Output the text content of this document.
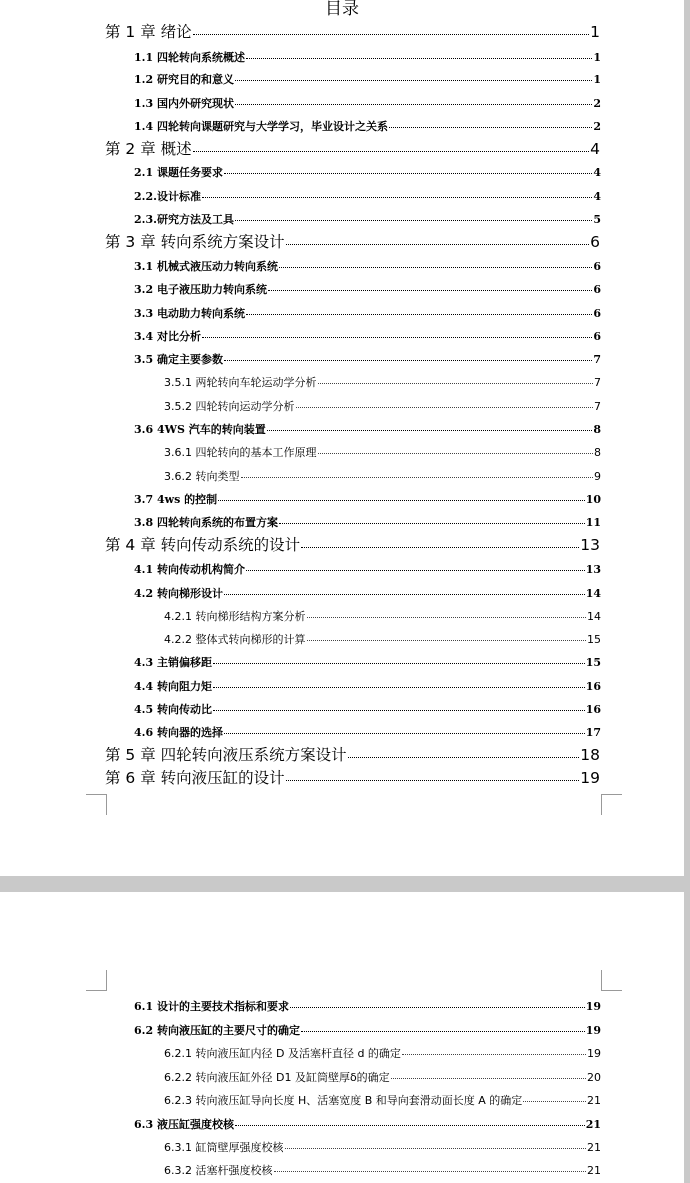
目录
第 1 章 绪论	1
1.1 四轮转向系统概述	1
1.2 研究目的和意义	1
1.3 国内外研究现状	2
1.4 四轮转向课题研究与大学学习，毕业设计之关系	2
第 2 章 概述	4
2.1 课题任务要求	4
2.2.设计标准	4
2.3.研究方法及工具	5
第 3 章 转向系统方案设计	6
3.1 机械式液压动力转向系统	6
3.2 电子液压助力转向系统	6
3.3 电动助力转向系统	6
3.4 对比分析	6
3.5 确定主要参数	7
3.5.1 两轮转向车轮运动学分析	7
3.5.2 四轮转向运动学分析	7
3.6 4WS 汽车的转向装置	8
3.6.1 四轮转向的基本工作原理	8
3.6.2 转向类型	9
3.7 4ws 的控制	10
3.8 四轮转向系统的布置方案	11
第 4 章 转向传动系统的设计	13
4.1 转向传动机构简介	13
4.2 转向梯形设计	14
4.2.1 转向梯形结构方案分析	14
4.2.2 整体式转向梯形的计算	15
4.3 主销偏移距	15
4.4 转向阻力矩	16
4.5 转向传动比	16
4.6 转向器的选择	17
第 5 章 四轮转向液压系统方案设计	18
第 6 章 转向液压缸的设计	19
6.1 设计的主要技术指标和要求	19
6.2 转向液压缸的主要尺寸的确定	19
6.2.1 转向液压缸内径 D 及活塞杆直径 d 的确定	19
6.2.2 转向液压缸外径 D1 及缸筒壁厚δ的确定	20
6.2.3 转向液压缸导向长度 H、活塞宽度 B 和导向套滑动面长度 A 的确定	21
6.3 液压缸强度校核	21
6.3.1 缸筒壁厚强度校核	21
6.3.2 活塞杆强度校核	21
